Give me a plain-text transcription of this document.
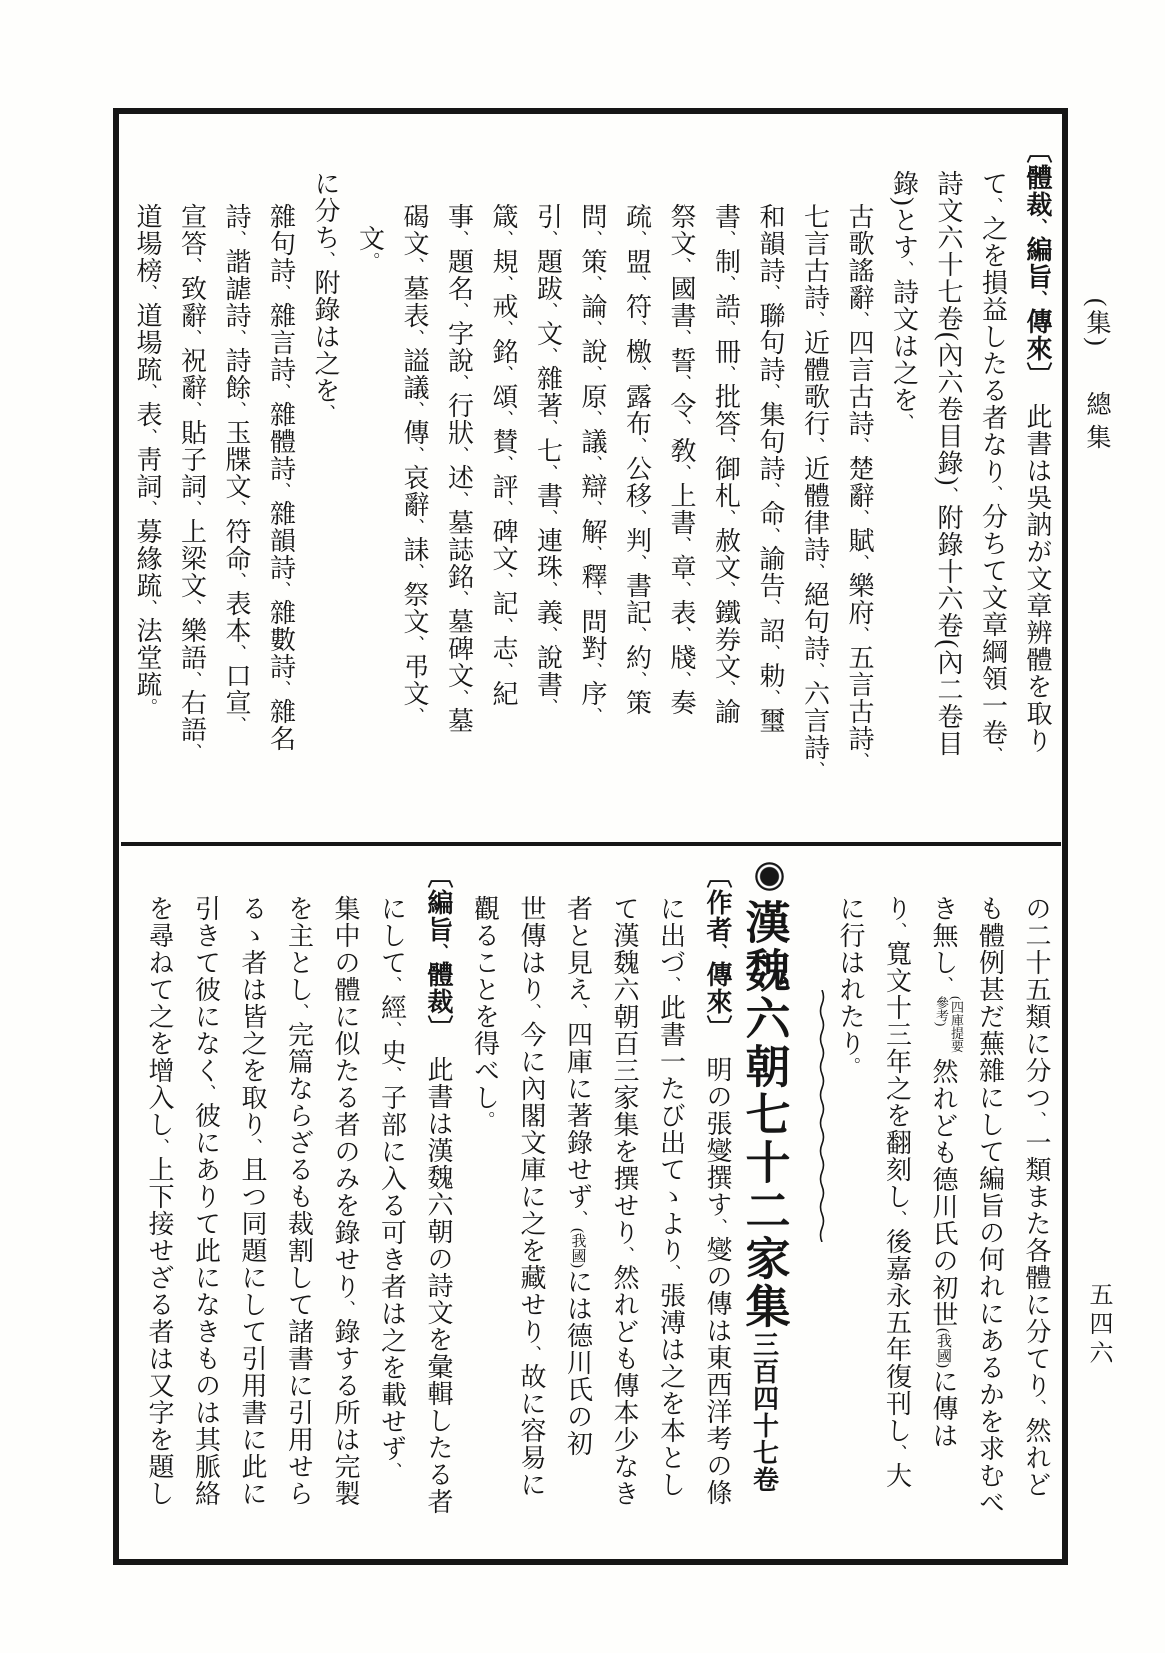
(集)總集
五四六
〔體裁、編旨、傳來〕　此書は吳訥が文章辨體を取り
て、之を損益したる者なり、分ちて文章綱領一卷、
詩文六十七卷(內六卷目錄)、附錄十六卷(內二卷目
錄)とす、詩文は之を、
古歌謠辭、四言古詩、楚辭、賦、樂府、五言古詩、
七言古詩、近體歌行、近體律詩、絕句詩、六言詩、
和韻詩、聯句詩、集句詩、命、諭告、詔、勅、璽
書、制、誥、冊、批答、御札、赦文、鐵券文、諭
祭文、國書、誓、令、敎、上書、章、表、牋、奏
疏、盟、符、檄、露布、公移、判、書記、約、策
問、策、論、說、原、議、辯、解、釋、問對、序、
引、題跋、文、雜著、七、書、連珠、義、說書、
箴、規、戒、銘、頌、賛、評、碑文、記、志、紀
事、題名、字說、行狀、述、墓誌銘、墓碑文、墓
碣文、墓表、謚議、傳、哀辭、誄、祭文、弔文、
文。
に分ち、附錄は之を、
雜句詩、雜言詩、雜體詩、雜韻詩、雜數詩、雜名
詩、諧謔詩、詩餘、玉牒文、符命、表本、口宣、
宣答、致辭、祝辭、貼子詞、上梁文、樂語、右語、
道場榜、道場䟽、表、靑詞、募緣䟽、法堂䟽。
の二十五類に分つ、一類また各體に分てり、然れど
も體例甚だ蕪雜にして編旨の何れにあるかを求むべ
き無し、(四庫提要參考)然れども德川氏の初世(我國)に傳は
り、寬文十三年之を翻刻し、後嘉永五年復刊し、大
に行はれたり。
漢魏六朝七十二家集三百四十七卷
〔作者、傳來〕　明の張燮撰す、燮の傳は東西洋考の條
に出づ、此書一たび出てゝより、張溥は之を本とし
て漢魏六朝百三家集を撰せり、然れども傳本少なき
者と見え、四庫に著錄せず、(我國)には德川氏の初
世傳はり、今に內閣文庫に之を藏せり、故に容易に
觀ることを得べし。
〔編旨、體裁〕　此書は漢魏六朝の詩文を彙輯したる者
にして、經、史、子部に入る可き者は之を載せず、
集中の體に似たる者のみを錄せり、錄する所は完製
を主とし、完篇ならざるも裁割して諸書に引用せら
るゝ者は皆之を取り、且つ同題にして引用書に此に
引きて彼になく、彼にありて此になきものは其脈絡
を尋ねて之を增入し、上下接せざる者は又字を題し
